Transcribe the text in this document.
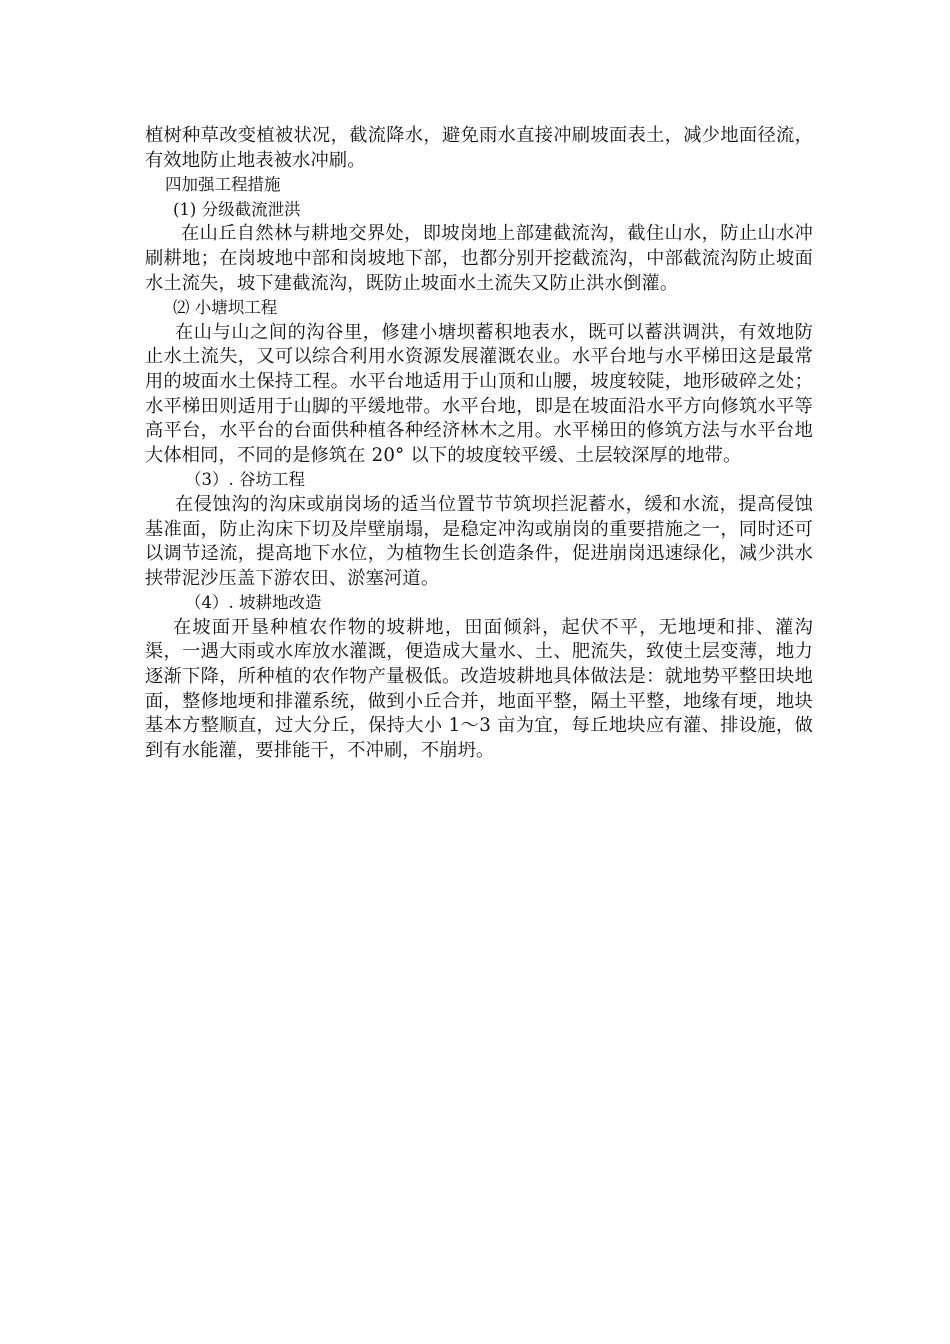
植树种草改变植被状况，截流降水，避免雨水直接冲刷坡面表土，减少地面径流，有效地防止地表被水冲刷。

四加强工程措施

(1) 分级截流泄洪

在山丘自然林与耕地交界处，即坡岗地上部建截流沟，截住山水，防止山水冲刷耕地；在岗坡地中部和岗坡地下部，也都分别开挖截流沟，中部截流沟防止坡面水土流失，坡下建截流沟，既防止坡面水土流失又防止洪水倒灌。

⑵ 小塘坝工程

在山与山之间的沟谷里，修建小塘坝蓄积地表水，既可以蓄洪调洪，有效地防止水土流失，又可以综合利用水资源发展灌溉农业。水平台地与水平梯田这是最常用的坡面水土保持工程。水平台地适用于山顶和山腰，坡度较陡，地形破碎之处；水平梯田则适用于山脚的平缓地带。水平台地，即是在坡面沿水平方向修筑水平等高平台，水平台的台面供种植各种经济林木之用。水平梯田的修筑方法与水平台地大体相同，不同的是修筑在 20° 以下的坡度较平缓、土层较深厚的地带。

（3）. 谷坊工程

在侵蚀沟的沟床或崩岗场的适当位置节节筑坝拦泥蓄水，缓和水流，提高侵蚀基准面，防止沟床下切及岸壁崩塌，是稳定冲沟或崩岗的重要措施之一，同时还可以调节迳流，提高地下水位，为植物生长创造条件，促进崩岗迅速绿化，减少洪水挟带泥沙压盖下游农田、淤塞河道。

（4）. 坡耕地改造

在坡面开垦种植农作物的坡耕地，田面倾斜，起伏不平，无地埂和排、灌沟渠，一遇大雨或水库放水灌溉，便造成大量水、土、肥流失，致使土层变薄，地力逐渐下降，所种植的农作物产量极低。改造坡耕地具体做法是：就地势平整田块地面，整修地埂和排灌系统，做到小丘合并，地面平整，隔土平整，地缘有埂，地块基本方整顺直，过大分丘，保持大小 1～3 亩为宜，每丘地块应有灌、排设施，做到有水能灌，要排能干，不冲刷，不崩坍。
